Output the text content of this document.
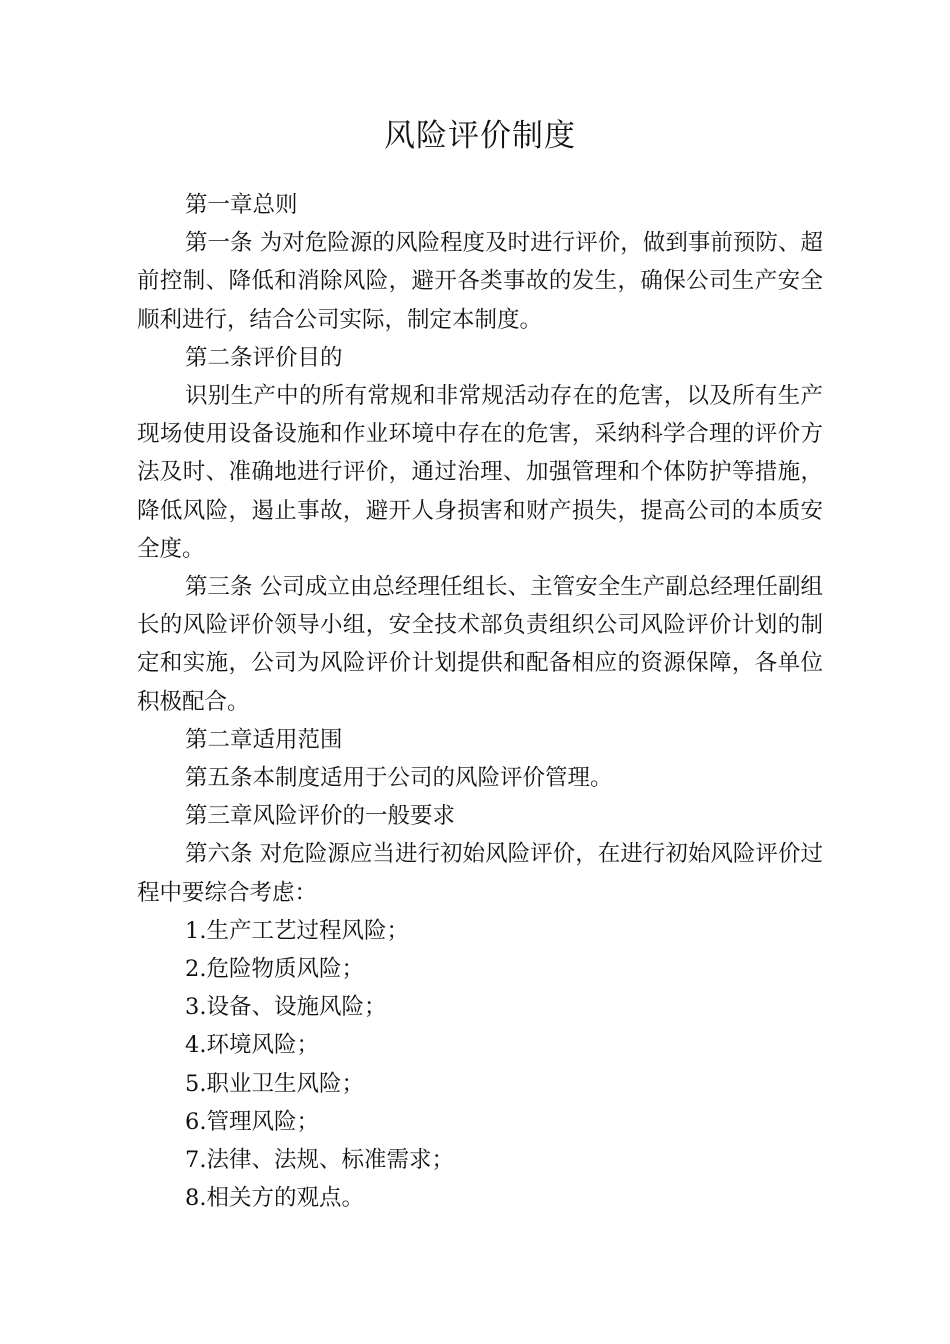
风险评价制度

第一章总则

第一条 为对危险源的风险程度及时进行评价，做到事前预防、超前控制、降低和消除风险，避开各类事故的发生，确保公司生产安全顺利进行，结合公司实际，制定本制度。

第二条评价目的

识别生产中的所有常规和非常规活动存在的危害，以及所有生产现场使用设备设施和作业环境中存在的危害，采纳科学合理的评价方法及时、准确地进行评价，通过治理、加强管理和个体防护等措施，降低风险，遏止事故，避开人身损害和财产损失，提高公司的本质安全度。

第三条 公司成立由总经理任组长、主管安全生产副总经理任副组长的风险评价领导小组，安全技术部负责组织公司风险评价计划的制定和实施，公司为风险评价计划提供和配备相应的资源保障，各单位积极配合。

第二章适用范围

第五条本制度适用于公司的风险评价管理。

第三章风险评价的一般要求

第六条 对危险源应当进行初始风险评价，在进行初始风险评价过程中要综合考虑：

1.生产工艺过程风险；

2.危险物质风险；

3.设备、设施风险；

4.环境风险；

5.职业卫生风险；

6.管理风险；

7.法律、法规、标准需求；

8.相关方的观点。
